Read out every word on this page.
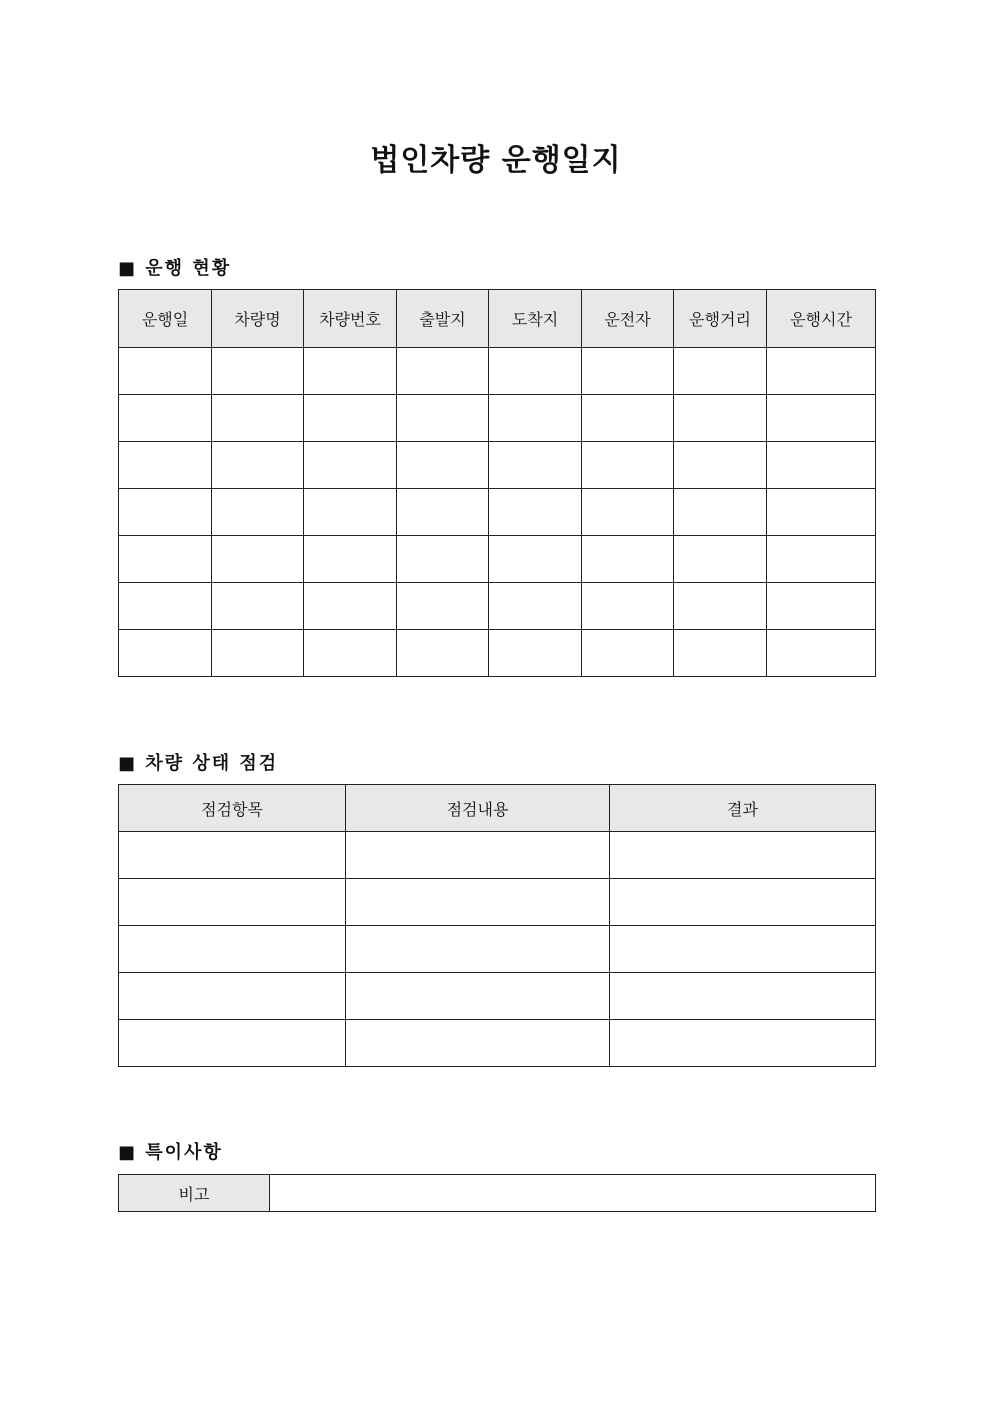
법인차량 운행일지
■ 운행 현황
운행일	차량명	차량번호	출발지	도착지	운전자	운행거리	운행시간

■ 차량 상태 점검
점검항목	점검내용	결과

■ 특이사항
비고	
